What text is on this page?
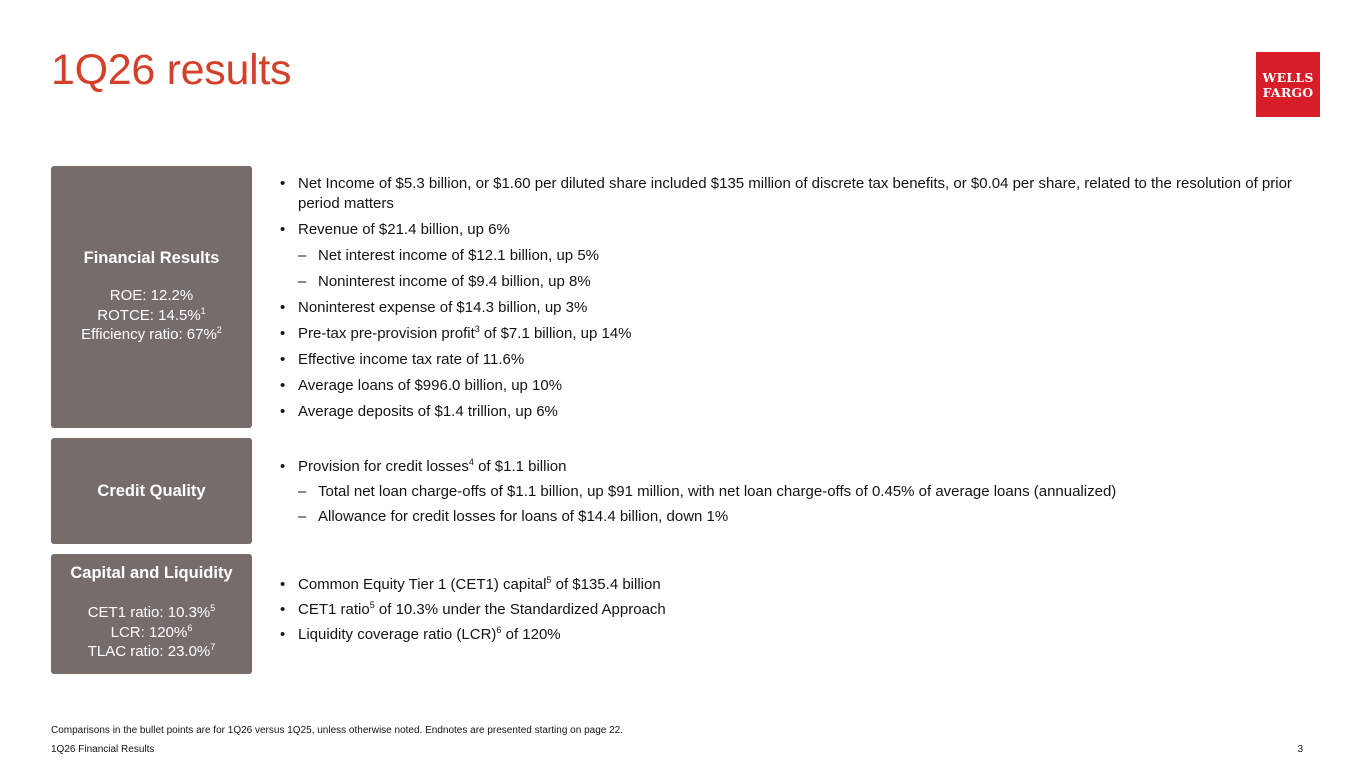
1Q26 results	WELLS
FARGO
Financial Results
ROE: 12.2%
ROTCE: 14.5%$^1$
Efficiency ratio: 67%$^2$
Credit Quality
Capital and Liquidity
CET1 ratio: 10.3%$^5$
LCR: 120%$^6$
TLAC ratio: 23.0%$^7$
• Net Income of $5.3 billion, or $1.60 per diluted share included $135 million of discrete tax benefits, or $0.04 per share, related to the resolution of prior period matters
• Revenue of $21.4 billion, up 6%
– Net interest income of $12.1 billion, up 5%
– Noninterest income of $9.4 billion, up 8%
• Noninterest expense of $14.3 billion, up 3%
• Pre-tax pre-provision profit$^3$ of $7.1 billion, up 14%
• Effective income tax rate of 11.6%
• Average loans of $996.0 billion, up 10%
• Average deposits of $1.4 trillion, up 6%
• Provision for credit losses$^4$ of $1.1 billion
– Total net loan charge-offs of $1.1 billion, up $91 million, with net loan charge-offs of 0.45% of average loans (annualized)
– Allowance for credit losses for loans of $14.4 billion, down 1%
• Common Equity Tier 1 (CET1) capital$^5$ of $135.4 billion
• CET1 ratio$^5$ of 10.3% under the Standardized Approach
• Liquidity coverage ratio (LCR)$^6$ of 120%
Comparisons in the bullet points are for 1Q26 versus 1Q25, unless otherwise noted. Endnotes are presented starting on page 22.
1Q26 Financial Results	3
